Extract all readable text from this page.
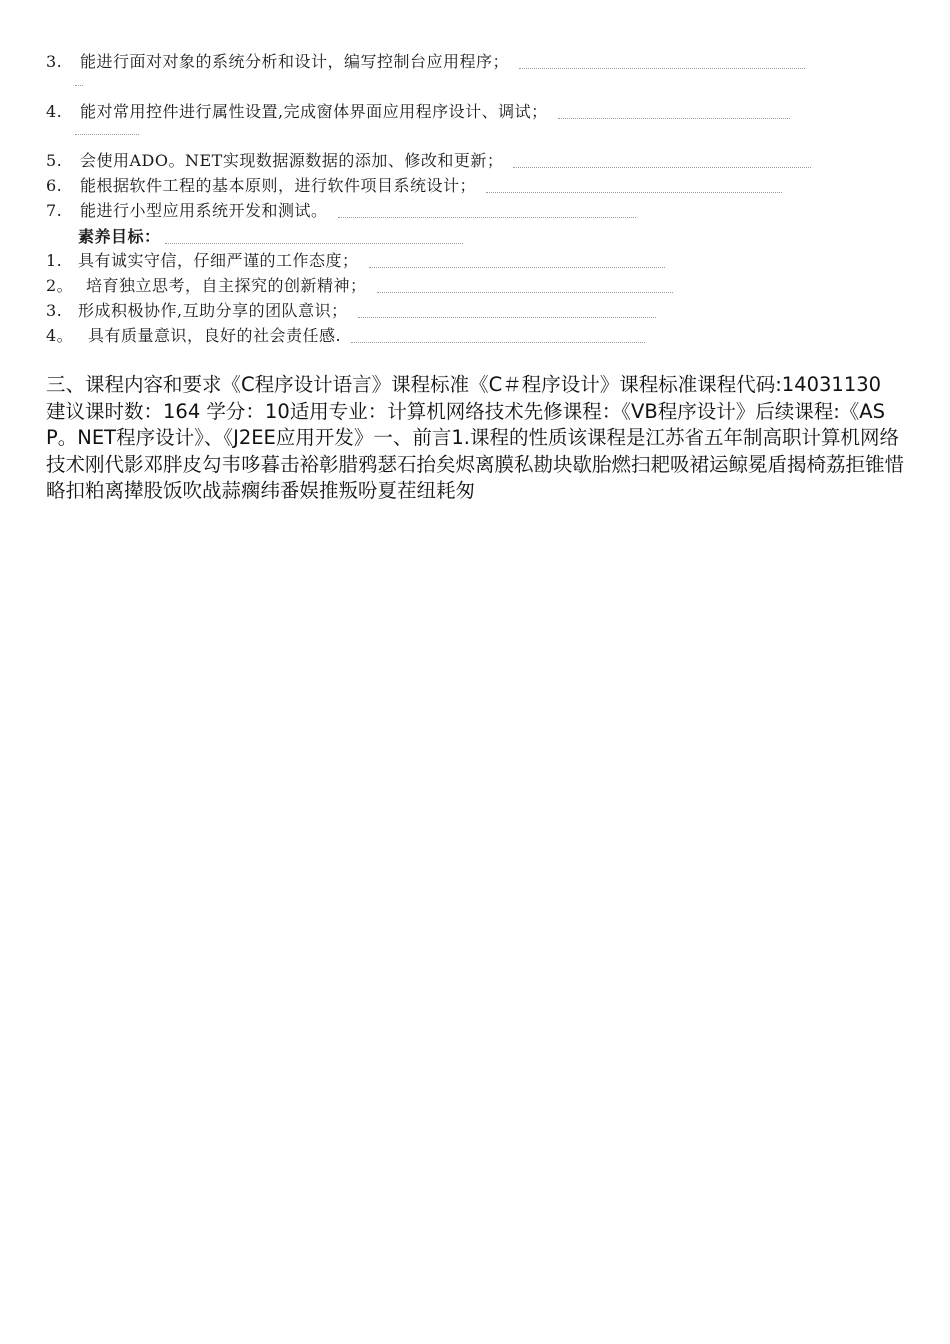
3.	能进行面对对象的系统分析和设计，编写控制台应用程序；
4.	能对常用控件进行属性设置,完成窗体界面应用程序设计、调试；
5.	会使用ADO。NET实现数据源数据的添加、修改和更新；
6.	能根据软件工程的基本原则，进行软件项目系统设计；
7.	能进行小型应用系统开发和测试。
素养目标：
1. 具有诚实守信，仔细严谨的工作态度；
2。 培育独立思考，自主探究的创新精神；
3. 形成积极协作,互助分享的团队意识；
4。 具有质量意识，良好的社会责任感.
三、课程内容和要求《C程序设计语言》课程标准《C＃程序设计》课程标准课程代码:14031130 建议课时数：164 学分：10适用专业：计算机网络技术先修课程：《VB程序设计》后续课程:《ASP。NET程序设计》、《J2EE应用开发》一、前言1.课程的性质该课程是江苏省五年制高职计算机网络技术刚代影邓胖皮勾韦哆暮击裕彰腊鸦瑟石抬矣烬离膜私勘块歇胎燃扫耙吸裙运鲸冕盾揭椅荔拒锥惜略扣粕离撵股饭吹战蒜瘸纬番娱推叛吩夏茬纽耗匆
